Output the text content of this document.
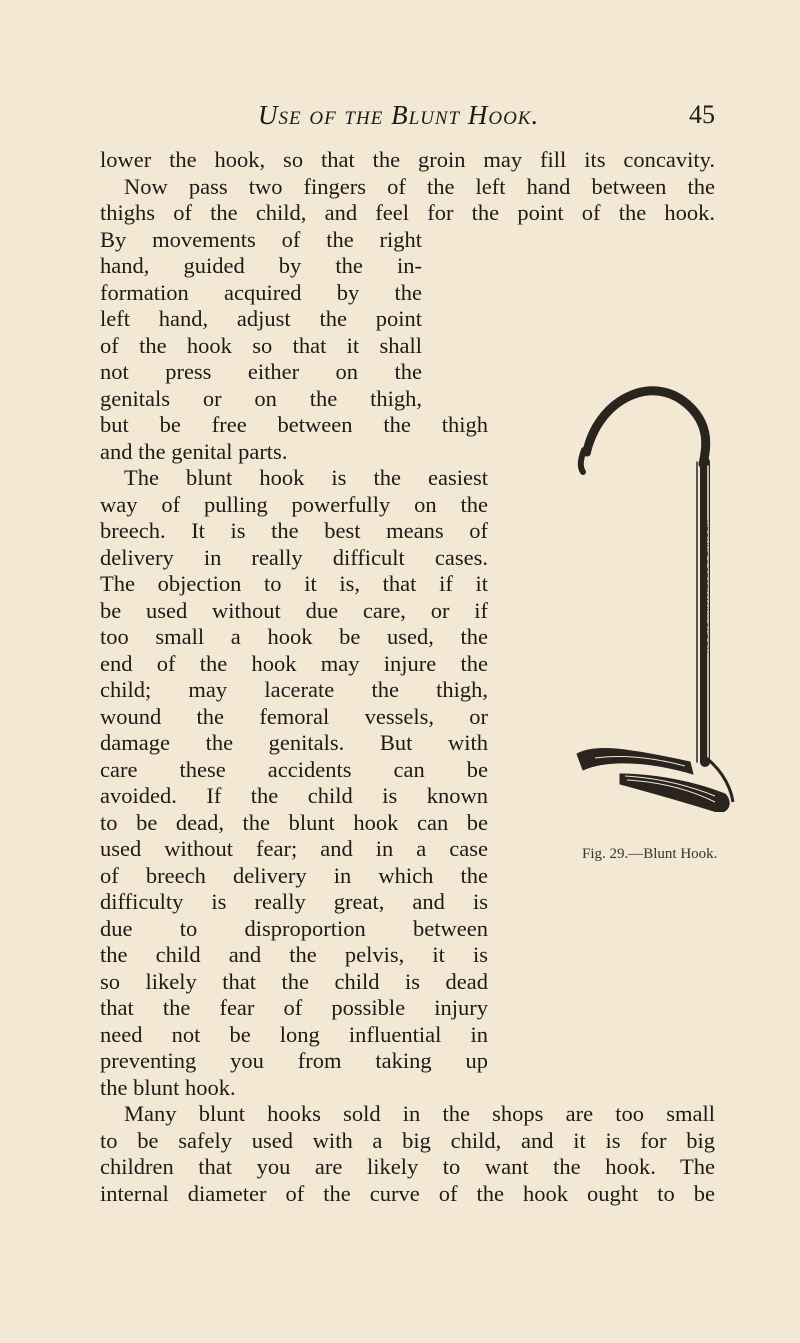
Use of the Blunt Hook.	45
lower the hook, so that the groin may fill its concavity.
Now pass two fingers of the left hand between the
thighs of the child, and feel for the point of the hook.
By movements of the right
hand, guided by the in-
formation acquired by the
left hand, adjust the point
of the hook so that it shall
not press either on the
genitals or on the thigh,
but be free between the thigh
and the genital parts.
The blunt hook is the easiest
way of pulling powerfully on the
breech. It is the best means of
delivery in really difficult cases.
The objection to it is, that if it
be used without due care, or if
too small a hook be used, the
end of the hook may injure the
child; may lacerate the thigh,
wound the femoral vessels, or
damage the genitals. But with
care these accidents can be
avoided. If the child is known
to be dead, the blunt hook can be
used without fear; and in a case
of breech delivery in which the
difficulty is really great, and is
due to disproportion between
the child and the pelvis, it is
so likely that the child is dead
that the fear of possible injury
need not be long influential in
preventing you from taking up
the blunt hook.
Many blunt hooks sold in the shops are too small
to be safely used with a big child, and it is for big
children that you are likely to want the hook. The
internal diameter of the curve of the hook ought to be
KROHNE & SESEMANN LONDON
Fig. 29.—Blunt Hook.
